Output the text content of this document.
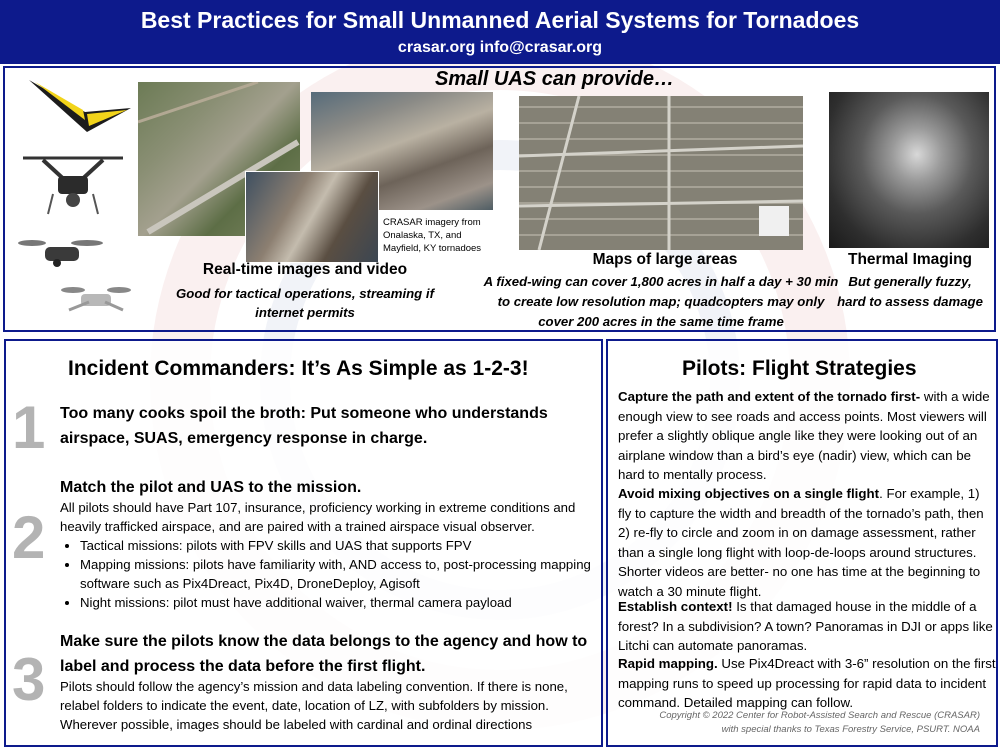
Best Practices for Small Unmanned Aerial Systems for Tornadoes
crasar.org info@crasar.org
CRASAR imagery from Onalaska, TX, and Mayfield, KY tornadoes
Small UAS can provide…
Real-time images and video
Good for tactical operations, streaming if internet permits
Maps of large areas
A fixed-wing can cover 1,800 acres in half a day + 30 min to create low resolution map; quadcopters may only cover 200 acres in the same time frame
Thermal Imaging
But generally fuzzy, hard to assess damage
Incident Commanders: It’s As Simple as 1-2-3!
1 Too many cooks spoil the broth: Put someone who understands airspace, SUAS, emergency response in charge.
2
Match the pilot and UAS to the mission.
All pilots should have Part 107, insurance, proficiency working in extreme conditions and heavily trafficked airspace, and are paired with a trained airspace visual observer.
• Tactical missions: pilots with FPV skills and UAS that supports FPV
• Mapping missions: pilots have familiarity with, AND access to, post-processing mapping software such as Pix4Dreact, Pix4D, DroneDeploy, Agisoft
• Night missions: pilot must have additional waiver, thermal camera payload
3
Make sure the pilots know the data belongs to the agency and how to label and process the data before the first flight.
Pilots should follow the agency’s mission and data labeling convention. If there is none, relabel folders to indicate the event, date, location of LZ, with subfolders by mission. Wherever possible, images should be labeled with cardinal and ordinal directions
Pilots: Flight Strategies
Capture the path and extent of the tornado first- with a wide enough view to see roads and access points. Most viewers will prefer a slightly oblique angle like they were looking out of an airplane window than a bird’s eye (nadir) view, which can be hard to mentally process.
Avoid mixing objectives on a single flight. For example, 1) fly to capture the width and breadth of the tornado’s path, then 2) re-fly to circle and zoom in on damage assessment, rather than a single long flight with loop-de-loops around structures. Shorter videos are better- no one has time at the beginning to watch a 30 minute flight.
Establish context! Is that damaged house in the middle of a forest? In a subdivision? A town? Panoramas in DJI or apps like Litchi can automate panoramas.
Rapid mapping. Use Pix4Dreact with 3-6” resolution on the first mapping runs to speed up processing for rapid data to incident command. Detailed mapping can follow.
Copyright © 2022 Center for Robot-Assisted Search and Rescue (CRASAR)
with special thanks to Texas Forestry Service, PSURT. NOAA
